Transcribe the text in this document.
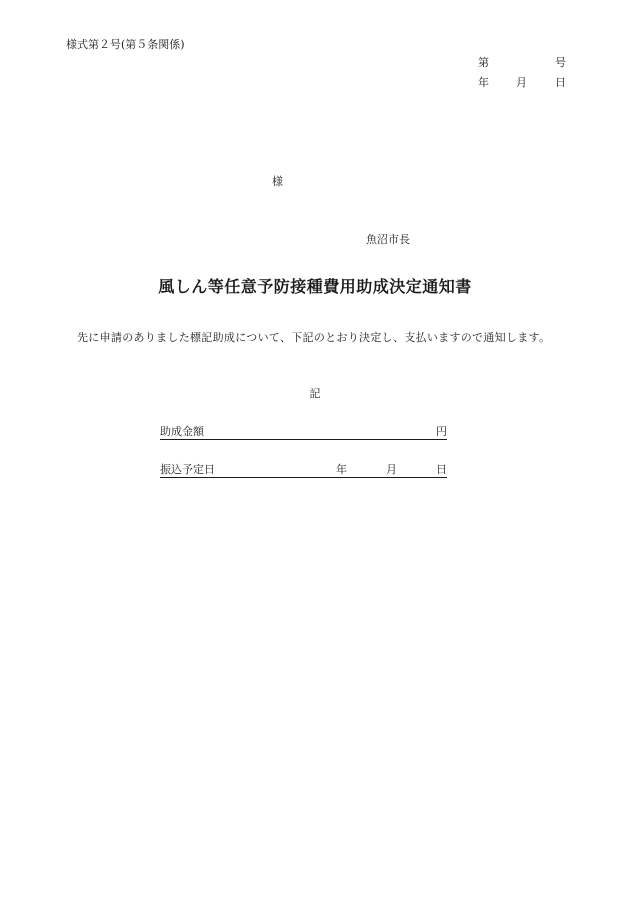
様式第２号(第５条関係)

第	号
年 月	日

様

魚沼市長

風しん等任意予防接種費用助成決定通知書

先に申請のありました標記助成について、下記のとおり決定し、支払いますので通知します。

記

助成金額	円
振込予定日	年	月	日
